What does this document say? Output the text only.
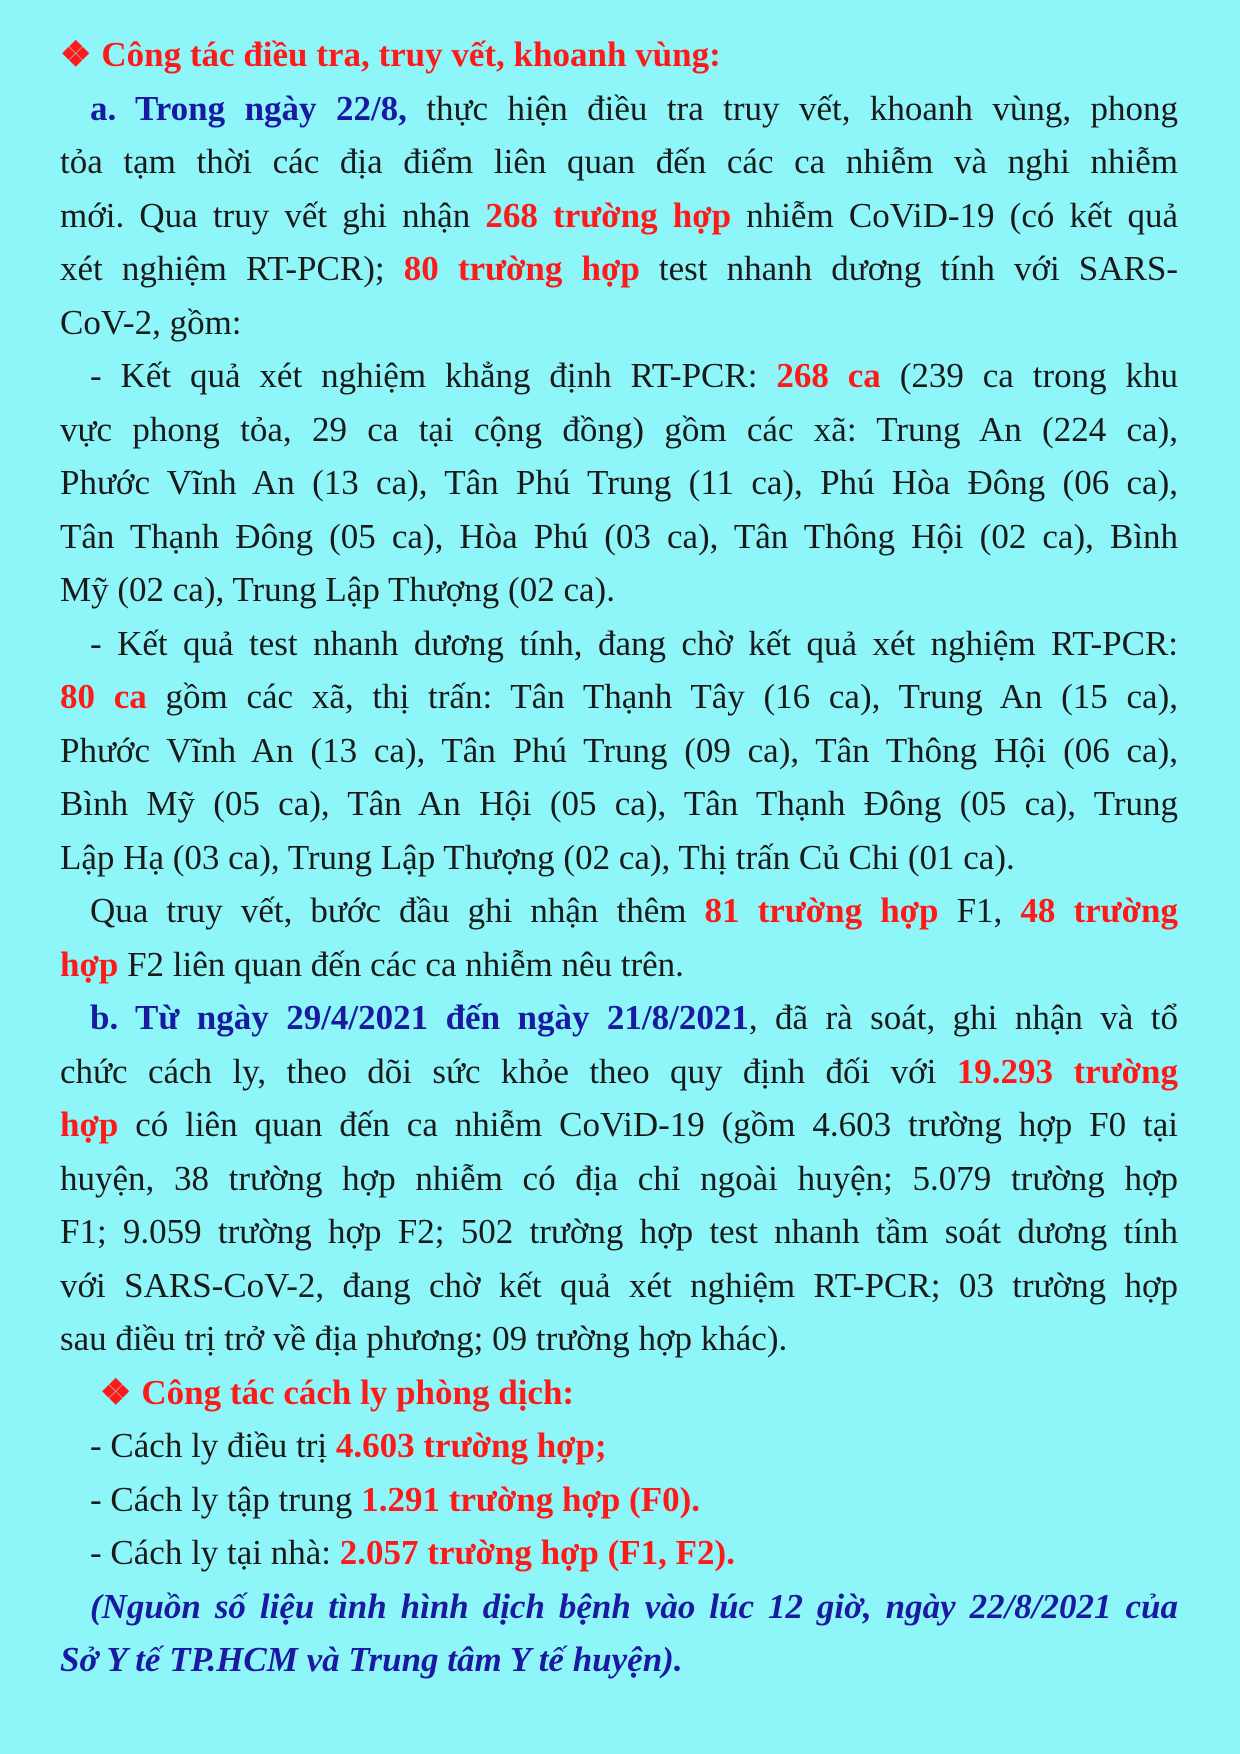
❖ Công tác điều tra, truy vết, khoanh vùng:
a. Trong ngày 22/8, thực hiện điều tra truy vết, khoanh vùng, phong
tỏa tạm thời các địa điểm liên quan đến các ca nhiễm và nghi nhiễm
mới. Qua truy vết ghi nhận 268 trường hợp nhiễm CoViD-19 (có kết quả
xét nghiệm RT-PCR); 80 trường hợp test nhanh dương tính với SARS-
CoV-2, gồm:
- Kết quả xét nghiệm khẳng định RT-PCR: 268 ca (239 ca trong khu
vực phong tỏa, 29 ca tại cộng đồng) gồm các xã: Trung An (224 ca),
Phước Vĩnh An (13 ca), Tân Phú Trung (11 ca), Phú Hòa Đông (06 ca),
Tân Thạnh Đông (05 ca), Hòa Phú (03 ca), Tân Thông Hội (02 ca), Bình
Mỹ (02 ca), Trung Lập Thượng (02 ca).
- Kết quả test nhanh dương tính, đang chờ kết quả xét nghiệm RT-PCR:
80 ca gồm các xã, thị trấn: Tân Thạnh Tây (16 ca), Trung An (15 ca),
Phước Vĩnh An (13 ca), Tân Phú Trung (09 ca), Tân Thông Hội (06 ca),
Bình Mỹ (05 ca), Tân An Hội (05 ca), Tân Thạnh Đông (05 ca), Trung
Lập Hạ (03 ca), Trung Lập Thượng (02 ca), Thị trấn Củ Chi (01 ca).
Qua truy vết, bước đầu ghi nhận thêm 81 trường hợp F1, 48 trường
hợp F2 liên quan đến các ca nhiễm nêu trên.
b. Từ ngày 29/4/2021 đến ngày 21/8/2021, đã rà soát, ghi nhận và tổ
chức cách ly, theo dõi sức khỏe theo quy định đối với 19.293 trường
hợp có liên quan đến ca nhiễm CoViD-19 (gồm 4.603 trường hợp F0 tại
huyện, 38 trường hợp nhiễm có địa chỉ ngoài huyện; 5.079 trường hợp
F1; 9.059 trường hợp F2; 502 trường hợp test nhanh tầm soát dương tính
với SARS-CoV-2, đang chờ kết quả xét nghiệm RT-PCR; 03 trường hợp
sau điều trị trở về địa phương; 09 trường hợp khác).
❖ Công tác cách ly phòng dịch:
- Cách ly điều trị 4.603 trường hợp;
- Cách ly tập trung 1.291 trường hợp (F0).
- Cách ly tại nhà: 2.057 trường hợp (F1, F2).
(Nguồn số liệu tình hình dịch bệnh vào lúc 12 giờ, ngày 22/8/2021 của
Sở Y tế TP.HCM và Trung tâm Y tế huyện).
